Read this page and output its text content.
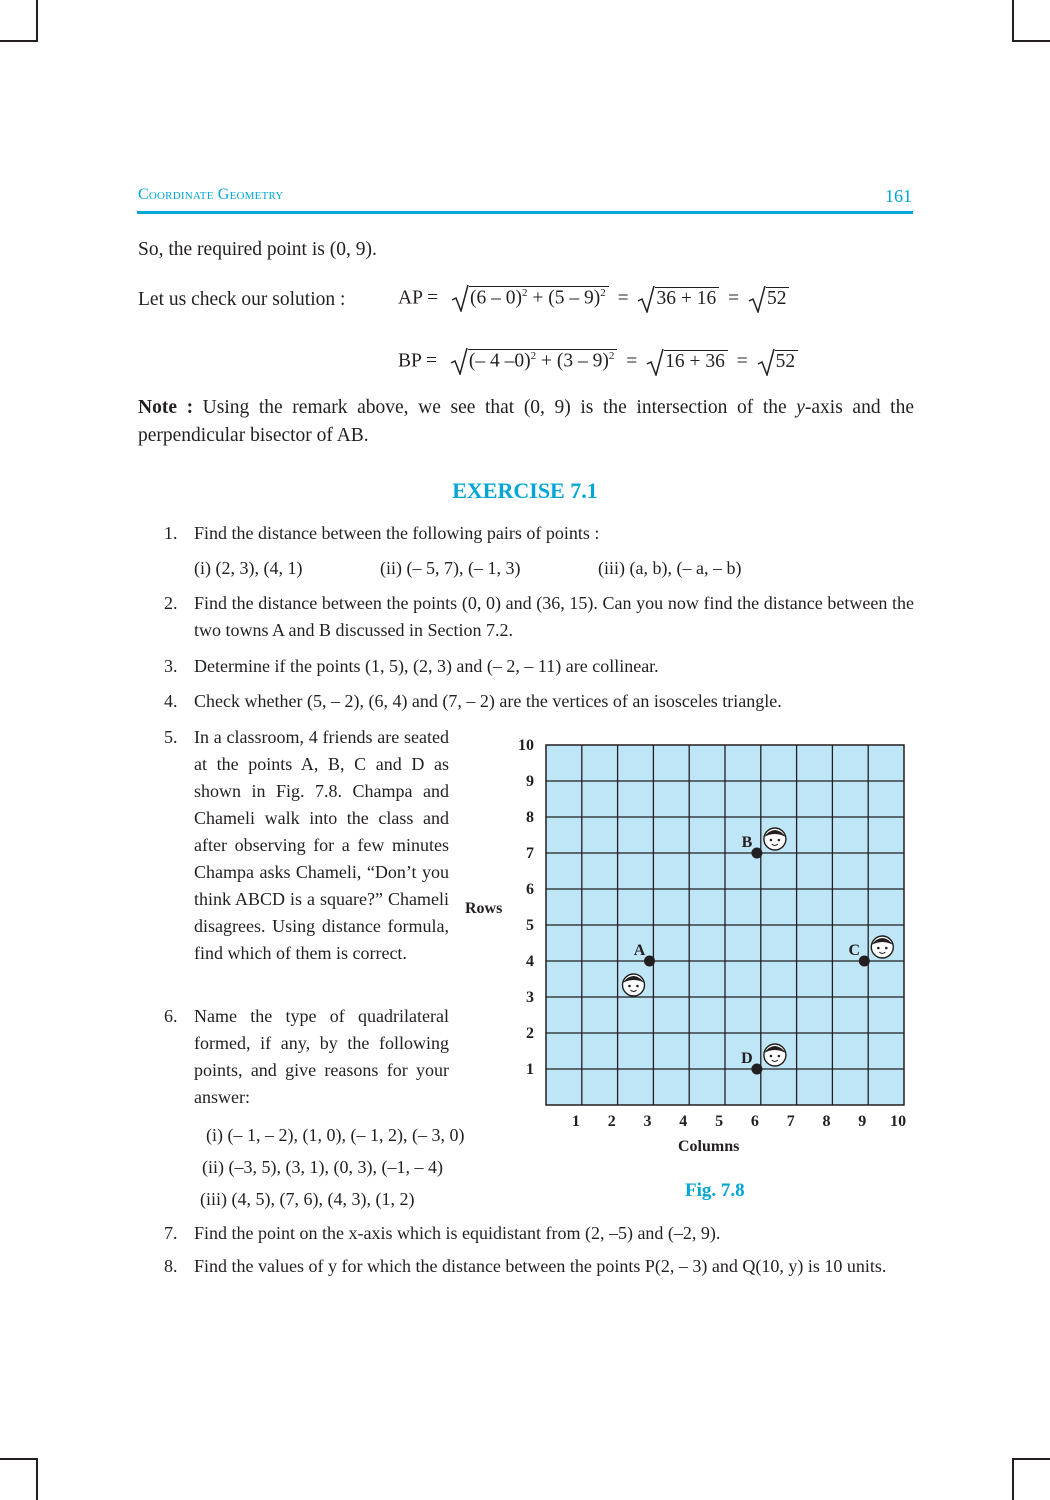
Coordinate Geometry	161
So, the required point is (0, 9).
Let us check our solution :	AP = (6 – 0)$^2$ + (5 – 9)$^2$ = 36 + 16 = 52
BP = (– 4 –0)$^2$ + (3 – 9)$^2$ = 16 + 36 = 52
Note : Using the remark above, we see that (0, 9) is the intersection of the y-axis and the perpendicular bisector of AB.
EXERCISE 7.1
1. Find the distance between the following pairs of points :
(i) (2, 3), (4, 1)	(ii) (– 5, 7), (– 1, 3)	(iii) (a, b), (– a, – b)
2. Find the distance between the points (0, 0) and (36, 15). Can you now find the distance between the two towns A and B discussed in Section 7.2.
3. Determine if the points (1, 5), (2, 3) and (– 2, – 11) are collinear.
4. Check whether (5, – 2), (6, 4) and (7, – 2) are the vertices of an isosceles triangle.
5. In a classroom, 4 friends are seated at the points A, B, C and D as shown in Fig. 7.8. Champa and Chameli walk into the class and after observing for a few minutes Champa asks Chameli, “Don’t you think ABCD is a square?” Chameli disagrees. Using distance formula, find which of them is correct.
6. Name the type of quadrilateral formed, if any, by the following points, and give reasons for your answer:
(i) (– 1, – 2), (1, 0), (– 1, 2), (– 3, 0)
(ii) (–3, 5), (3, 1), (0, 3), (–1, – 4)
(iii) (4, 5), (7, 6), (4, 3), (1, 2)
7. Find the point on the x-axis which is equidistant from (2, –5) and (–2, 9).
8. Find the values of y for which the distance between the points P(2, – 3) and Q(10, y) is 10 units.
Rows
Columns
Fig. 7.8
1
2
3
4
5
6
7
8
9
10
1 2 3 4 5 6 7 8 9 10
A
B
C
D
